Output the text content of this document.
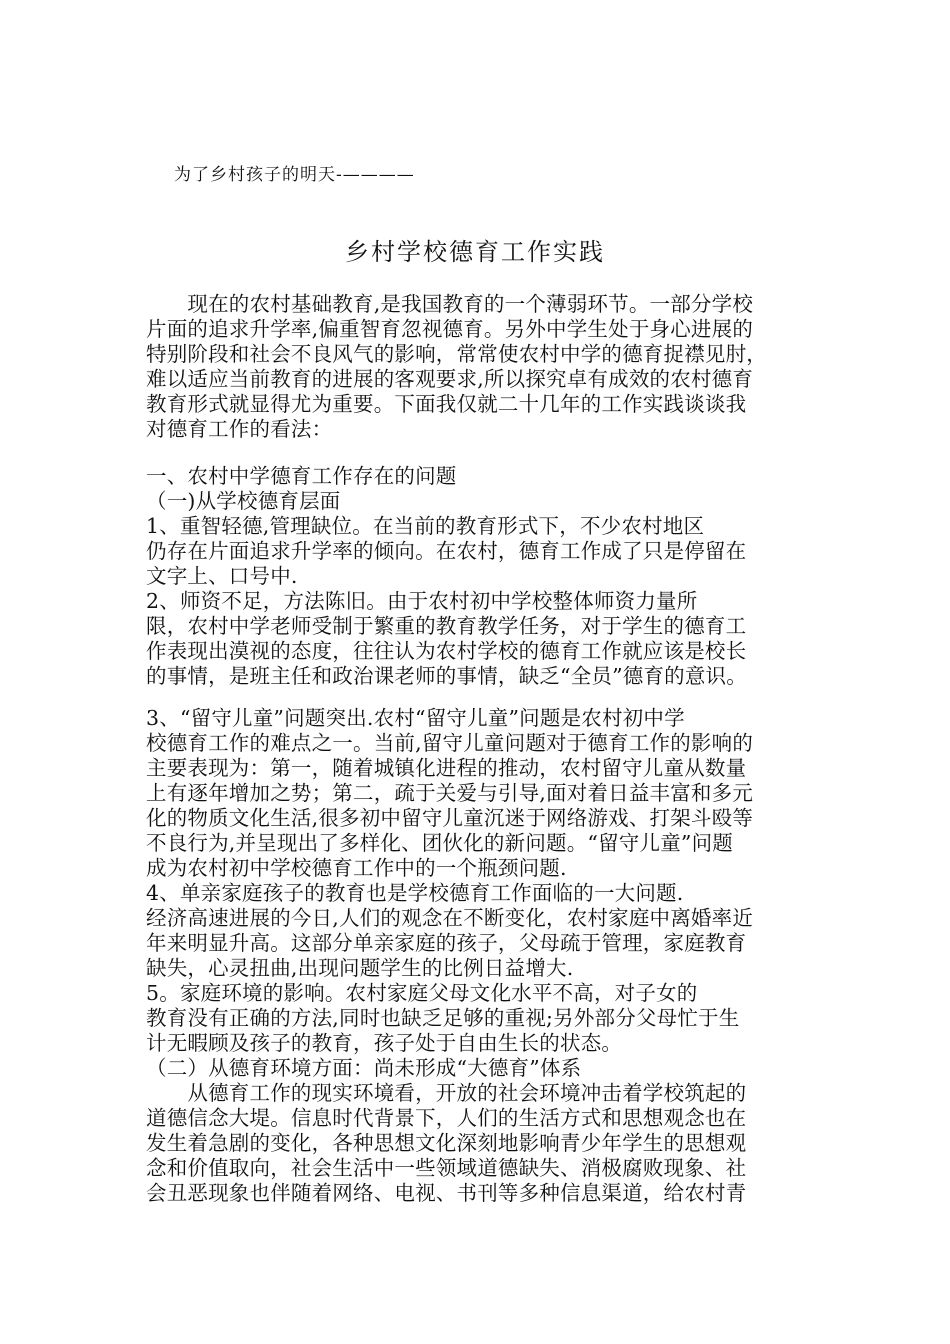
为了乡村孩子的明天-————
乡村学校德育工作实践
　　现在的农村基础教育,是我国教育的一个薄弱环节。一部分学校
片面的追求升学率,偏重智育忽视德育。另外中学生处于身心进展的
特别阶段和社会不良风气的影响，常常使农村中学的德育捉襟见肘，
难以适应当前教育的进展的客观要求,所以探究卓有成效的农村德育
教育形式就显得尤为重要。下面我仅就二十几年的工作实践谈谈我
对德育工作的看法：
一、农村中学德育工作存在的问题
（一)从学校德育层面
1、重智轻德,管理缺位。在当前的教育形式下，不少农村地区
仍存在片面追求升学率的倾向。在农村，德育工作成了只是停留在
文字上、口号中.
2、师资不足，方法陈旧。由于农村初中学校整体师资力量所
限，农村中学老师受制于繁重的教育教学任务，对于学生的德育工
作表现出漠视的态度，往往认为农村学校的德育工作就应该是校长
的事情，是班主任和政治课老师的事情，缺乏“全员”德育的意识。
3、“留守儿童”问题突出.农村“留守儿童”问题是农村初中学
校德育工作的难点之一。当前,留守儿童问题对于德育工作的影响的
主要表现为：第一，随着城镇化进程的推动，农村留守儿童从数量
上有逐年增加之势；第二，疏于关爱与引导,面对着日益丰富和多元
化的物质文化生活,很多初中留守儿童沉迷于网络游戏、打架斗殴等
不良行为,并呈现出了多样化、团伙化的新问题。“留守儿童”问题
成为农村初中学校德育工作中的一个瓶颈问题.
4、单亲家庭孩子的教育也是学校德育工作面临的一大问题.
经济高速进展的今日,人们的观念在不断变化，农村家庭中离婚率近
年来明显升高。这部分单亲家庭的孩子，父母疏于管理，家庭教育
缺失，心灵扭曲,出现问题学生的比例日益增大.
5。家庭环境的影响。农村家庭父母文化水平不高，对子女的
教育没有正确的方法,同时也缺乏足够的重视;另外部分父母忙于生
计无暇顾及孩子的教育，孩子处于自由生长的状态。
（二）从德育环境方面：尚未形成“大德育”体系
　　从德育工作的现实环境看，开放的社会环境冲击着学校筑起的
道德信念大堤。信息时代背景下，人们的生活方式和思想观念也在
发生着急剧的变化，各种思想文化深刻地影响青少年学生的思想观
念和价值取向，社会生活中一些领域道德缺失、消极腐败现象、社
会丑恶现象也伴随着网络、电视、书刊等多种信息渠道，给农村青
